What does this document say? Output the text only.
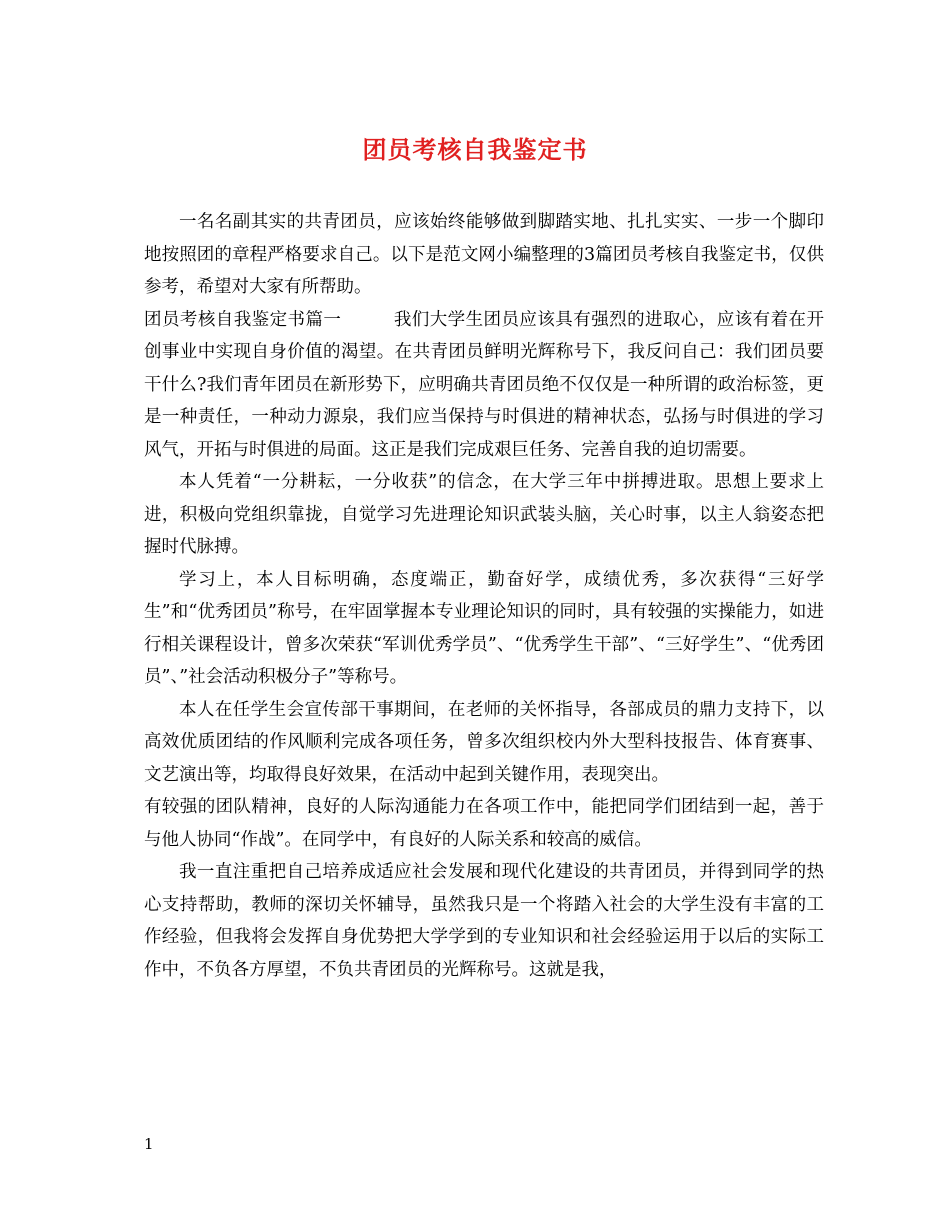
团员考核自我鉴定书

一名名副其实的共青团员，应该始终能够做到脚踏实地、扎扎实实、一步一个脚印地按照团的章程严格要求自己。以下是范文网小编整理的3篇团员考核自我鉴定书，仅供参考，希望对大家有所帮助。

团员考核自我鉴定书篇一	我们大学生团员应该具有强烈的进取心，应该有着在开创事业中实现自身价值的渴望。在共青团员鲜明光辉称号下，我反问自己：我们团员要干什么?我们青年团员在新形势下，应明确共青团员绝不仅仅是一种所谓的政治标签，更是一种责任，一种动力源泉，我们应当保持与时俱进的精神状态，弘扬与时俱进的学习风气，开拓与时俱进的局面。这正是我们完成艰巨任务、完善自我的迫切需要。

本人凭着“一分耕耘，一分收获”的信念，在大学三年中拼搏进取。思想上要求上进，积极向党组织靠拢，自觉学习先进理论知识武装头脑，关心时事，以主人翁姿态把握时代脉搏。

学习上，本人目标明确，态度端正，勤奋好学，成绩优秀，多次获得“三好学生”和“优秀团员”称号，在牢固掌握本专业理论知识的同时，具有较强的实操能力，如进行相关课程设计，曾多次荣获“军训优秀学员”、“优秀学生干部”、“三好学生”、“优秀团员”、”社会活动积极分子”等称号。

本人在任学生会宣传部干事期间，在老师的关怀指导，各部成员的鼎力支持下，以高效优质团结的作风顺利完成各项任务，曾多次组织校内外大型科技报告、体育赛事、文艺演出等，均取得良好效果，在活动中起到关键作用，表现突出。

有较强的团队精神，良好的人际沟通能力在各项工作中，能把同学们团结到一起，善于与他人协同“作战”。在同学中，有良好的人际关系和较高的威信。

我一直注重把自己培养成适应社会发展和现代化建设的共青团员，并得到同学的热心支持帮助，教师的深切关怀辅导，虽然我只是一个将踏入社会的大学生没有丰富的工作经验，但我将会发挥自身优势把大学学到的专业知识和社会经验运用于以后的实际工作中，不负各方厚望，不负共青团员的光辉称号。这就是我，

1
